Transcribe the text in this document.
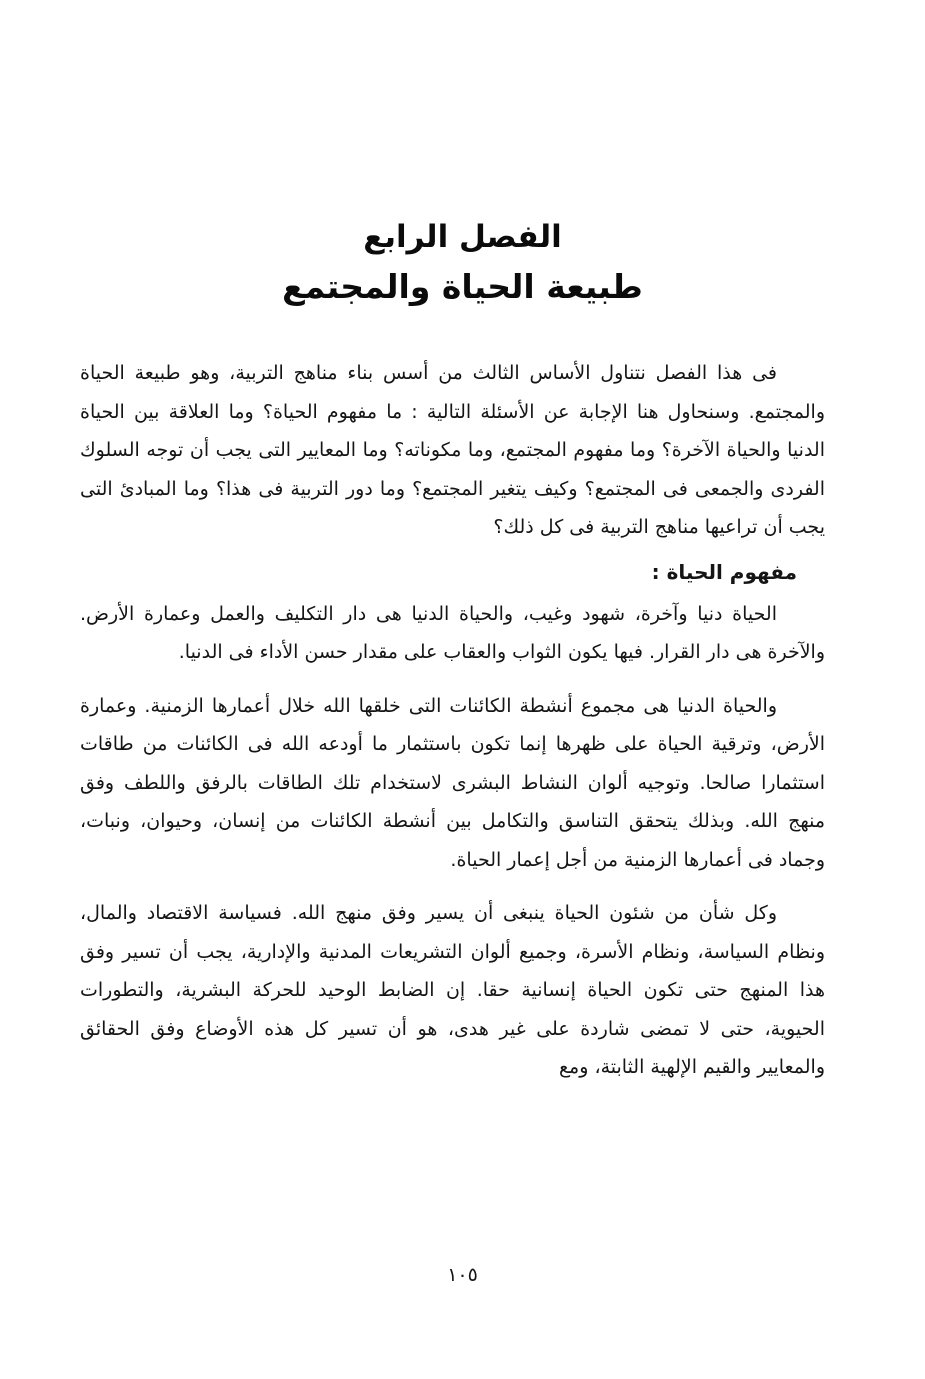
الفصل الرابع
طبيعة الحياة والمجتمع

فى هذا الفصل نتناول الأساس الثالث من أسس بناء مناهج التربية، وهو طبيعة الحياة والمجتمع. وسنحاول هنا الإجابة عن الأسئلة التالية : ما مفهوم الحياة؟ وما العلاقة بين الحياة الدنيا والحياة الآخرة؟ وما مفهوم المجتمع، وما مكوناته؟ وما المعايير التى يجب أن توجه السلوك الفردى والجمعى فى المجتمع؟ وكيف يتغير المجتمع؟ وما دور التربية فى هذا؟ وما المبادئ التى يجب أن تراعيها مناهج التربية فى كل ذلك؟

مفهوم الحياة :

الحياة دنيا وآخرة، شهود وغيب، والحياة الدنيا هى دار التكليف والعمل وعمارة الأرض. والآخرة هى دار القرار. فيها يكون الثواب والعقاب على مقدار حسن الأداء فى الدنيا.

والحياة الدنيا هى مجموع أنشطة الكائنات التى خلقها الله خلال أعمارها الزمنية. وعمارة الأرض، وترقية الحياة على ظهرها إنما تكون باستثمار ما أودعه الله فى الكائنات من طاقات استثمارا صالحا. وتوجيه ألوان النشاط البشرى لاستخدام تلك الطاقات بالرفق واللطف وفق منهج الله. وبذلك يتحقق التناسق والتكامل بين أنشطة الكائنات من إنسان، وحيوان، ونبات، وجماد فى أعمارها الزمنية من أجل إعمار الحياة.

وكل شأن من شئون الحياة ينبغى أن يسير وفق منهج الله. فسياسة الاقتصاد والمال، ونظام السياسة، ونظام الأسرة، وجميع ألوان التشريعات المدنية والإدارية، يجب أن تسير وفق هذا المنهج حتى تكون الحياة إنسانية حقا. إن الضابط الوحيد للحركة البشرية، والتطورات الحيوية، حتى لا تمضى شاردة على غير هدى، هو أن تسير كل هذه الأوضاع وفق الحقائق والمعايير والقيم الإلهية الثابتة، ومع

١٠٥
